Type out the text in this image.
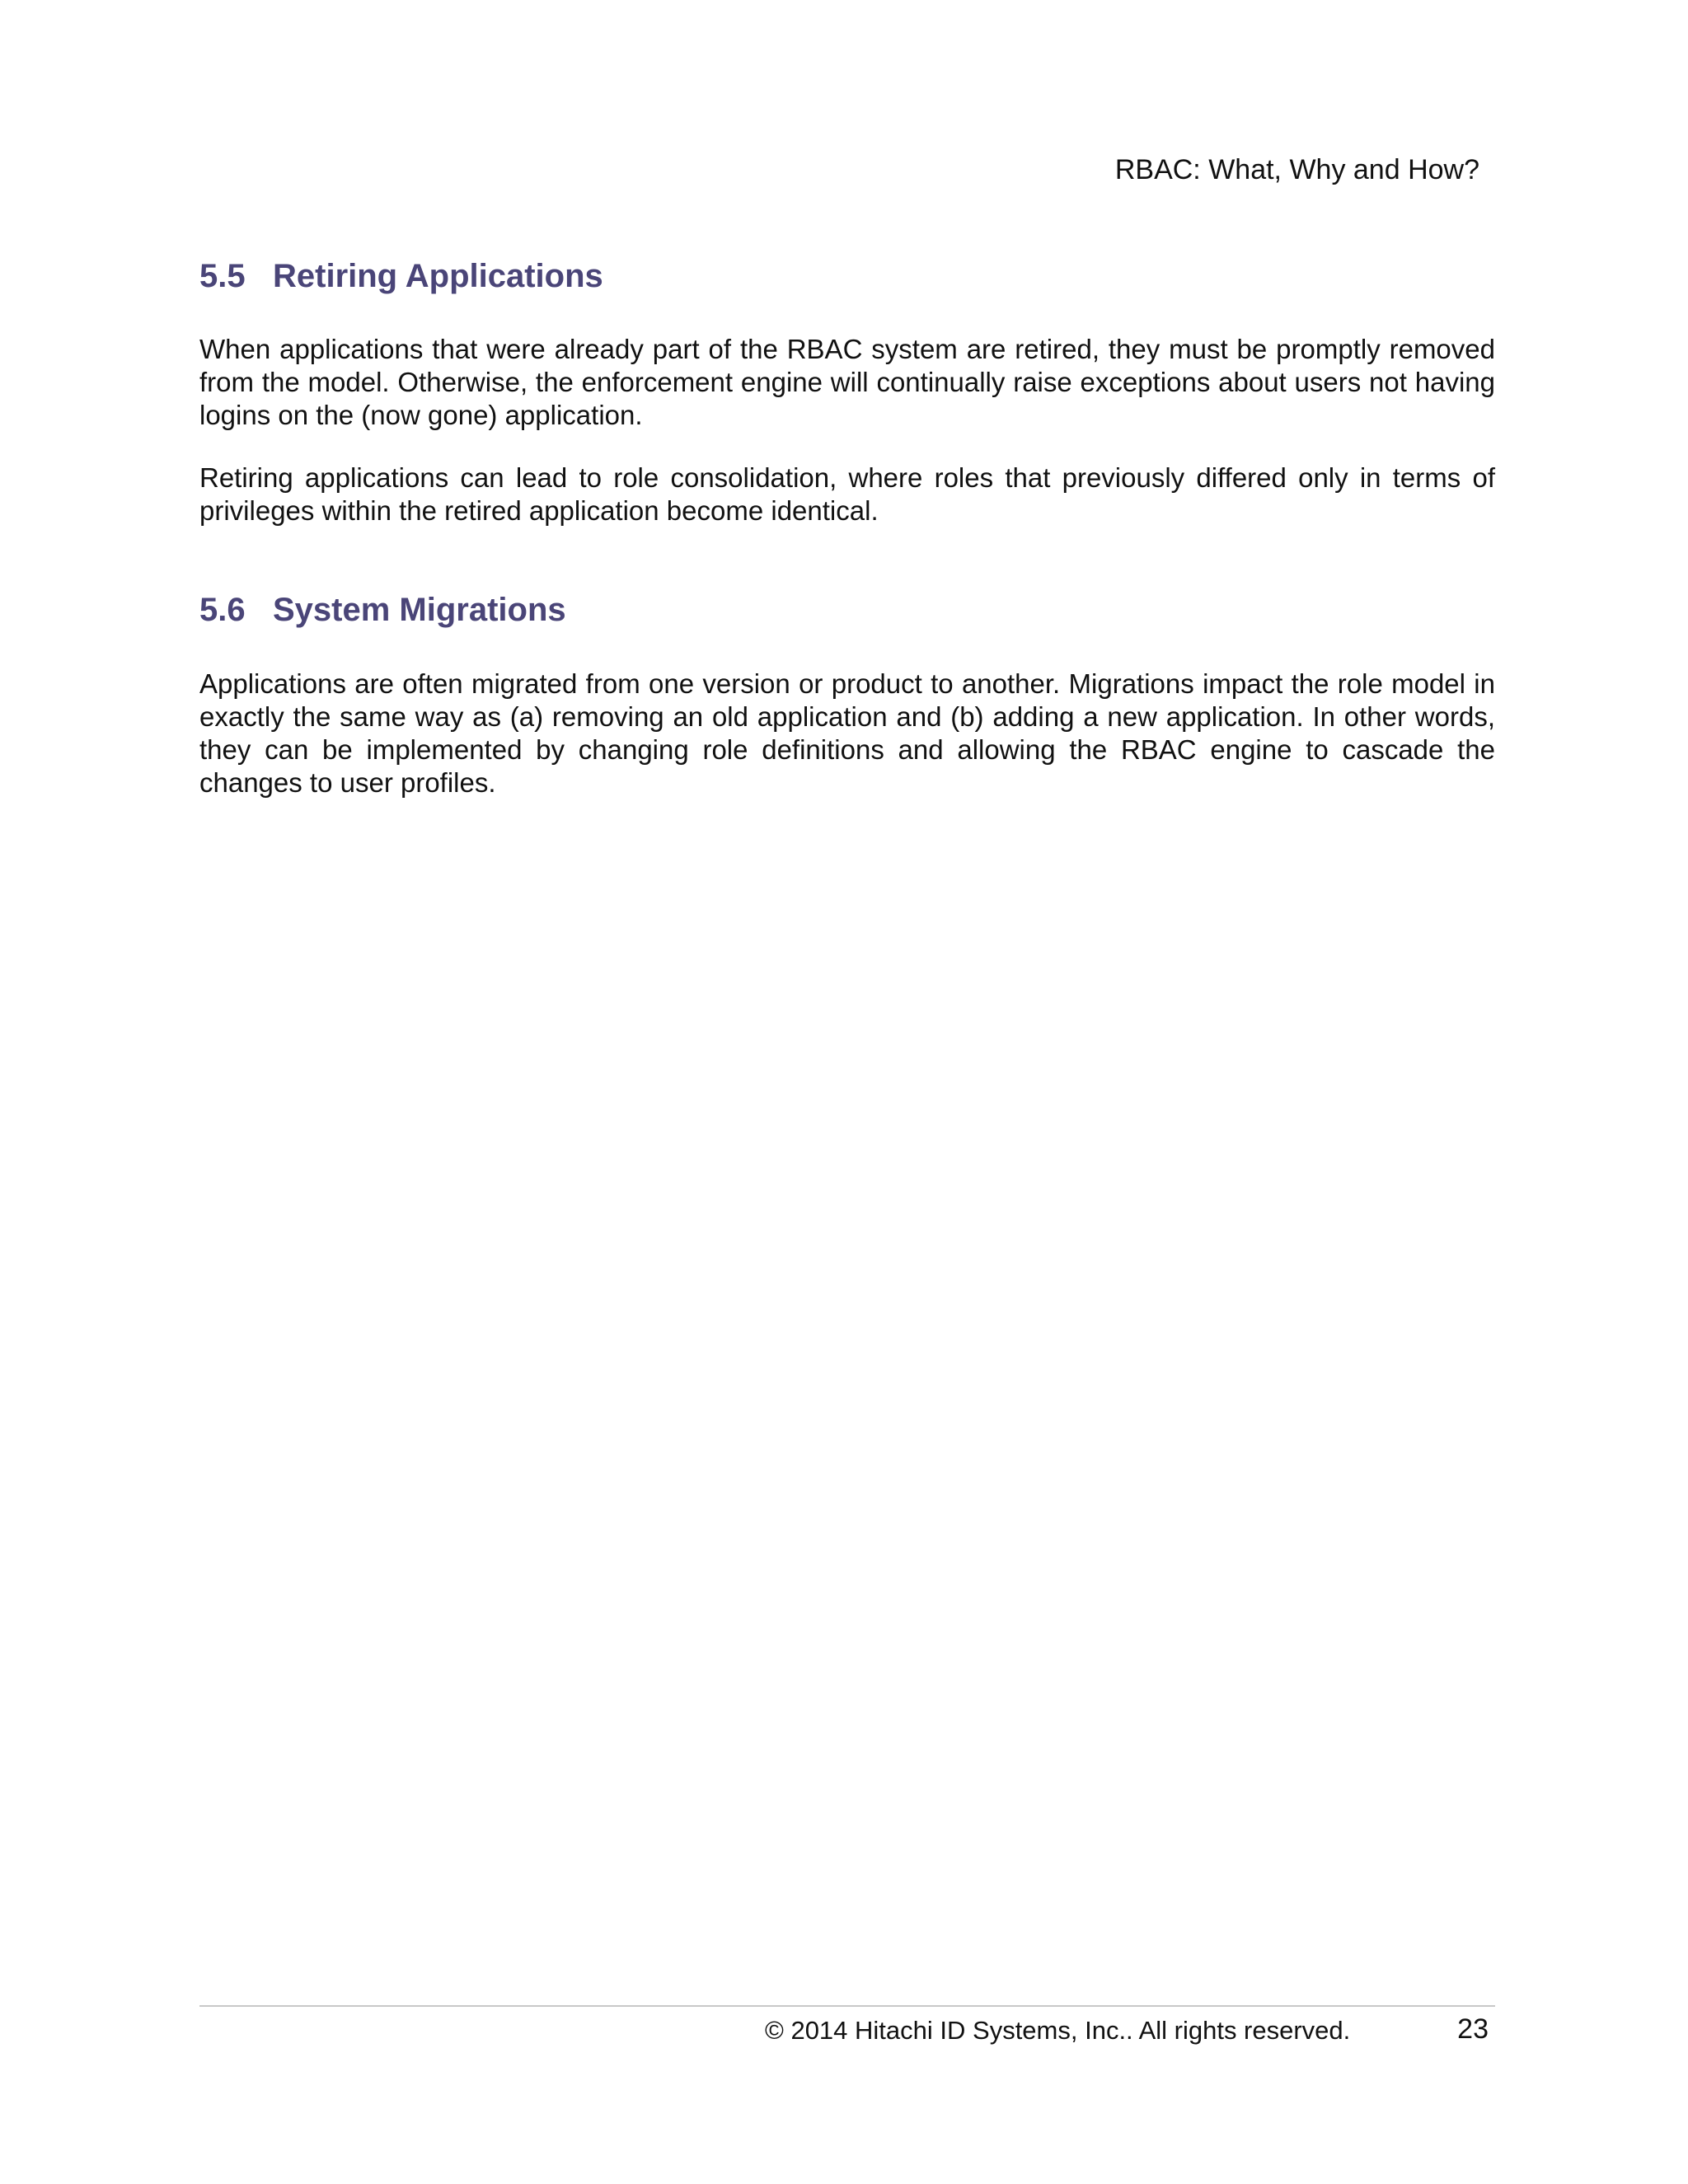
RBAC: What, Why and How?
5.5 Retiring Applications

When applications that were already part of the RBAC system are retired, they must be promptly removed from the model. Otherwise, the enforcement engine will continually raise exceptions about users not having logins on the (now gone) application.

Retiring applications can lead to role consolidation, where roles that previously differed only in terms of privileges within the retired application become identical.

5.6 System Migrations

Applications are often migrated from one version or product to another. Migrations impact the role model in exactly the same way as (a) removing an old application and (b) adding a new application. In other words, they can be implemented by changing role definitions and allowing the RBAC engine to cascade the changes to user profiles.

© 2014 Hitachi ID Systems, Inc.. All rights reserved.	23
